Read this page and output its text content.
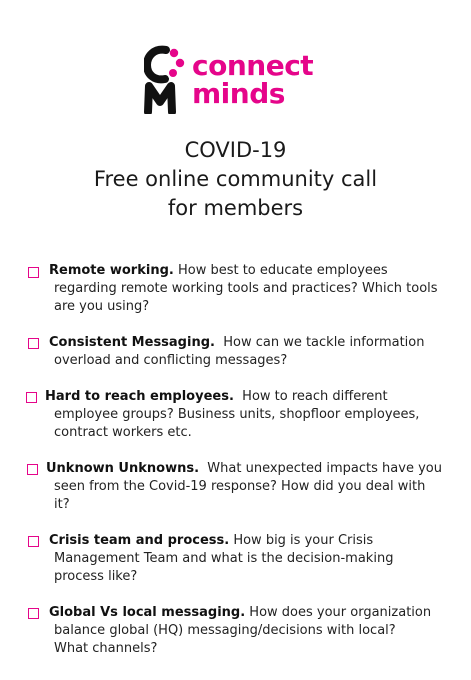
connect
minds
COVID-19
Free online community call
for members
Remote working. How best to educate employees
regarding remote working tools and practices? Which tools
are you using?
Consistent Messaging.  How can we tackle information
overload and conflicting messages?
Hard to reach employees.  How to reach different
employee groups? Business units, shopfloor employees,
contract workers etc.
Unknown Unknowns.  What unexpected impacts have you
seen from the Covid-19 response? How did you deal with
it?
Crisis team and process. How big is your Crisis
Management Team and what is the decision-making
process like?
Global Vs local messaging. How does your organization
balance global (HQ) messaging/decisions with local?
What channels?
